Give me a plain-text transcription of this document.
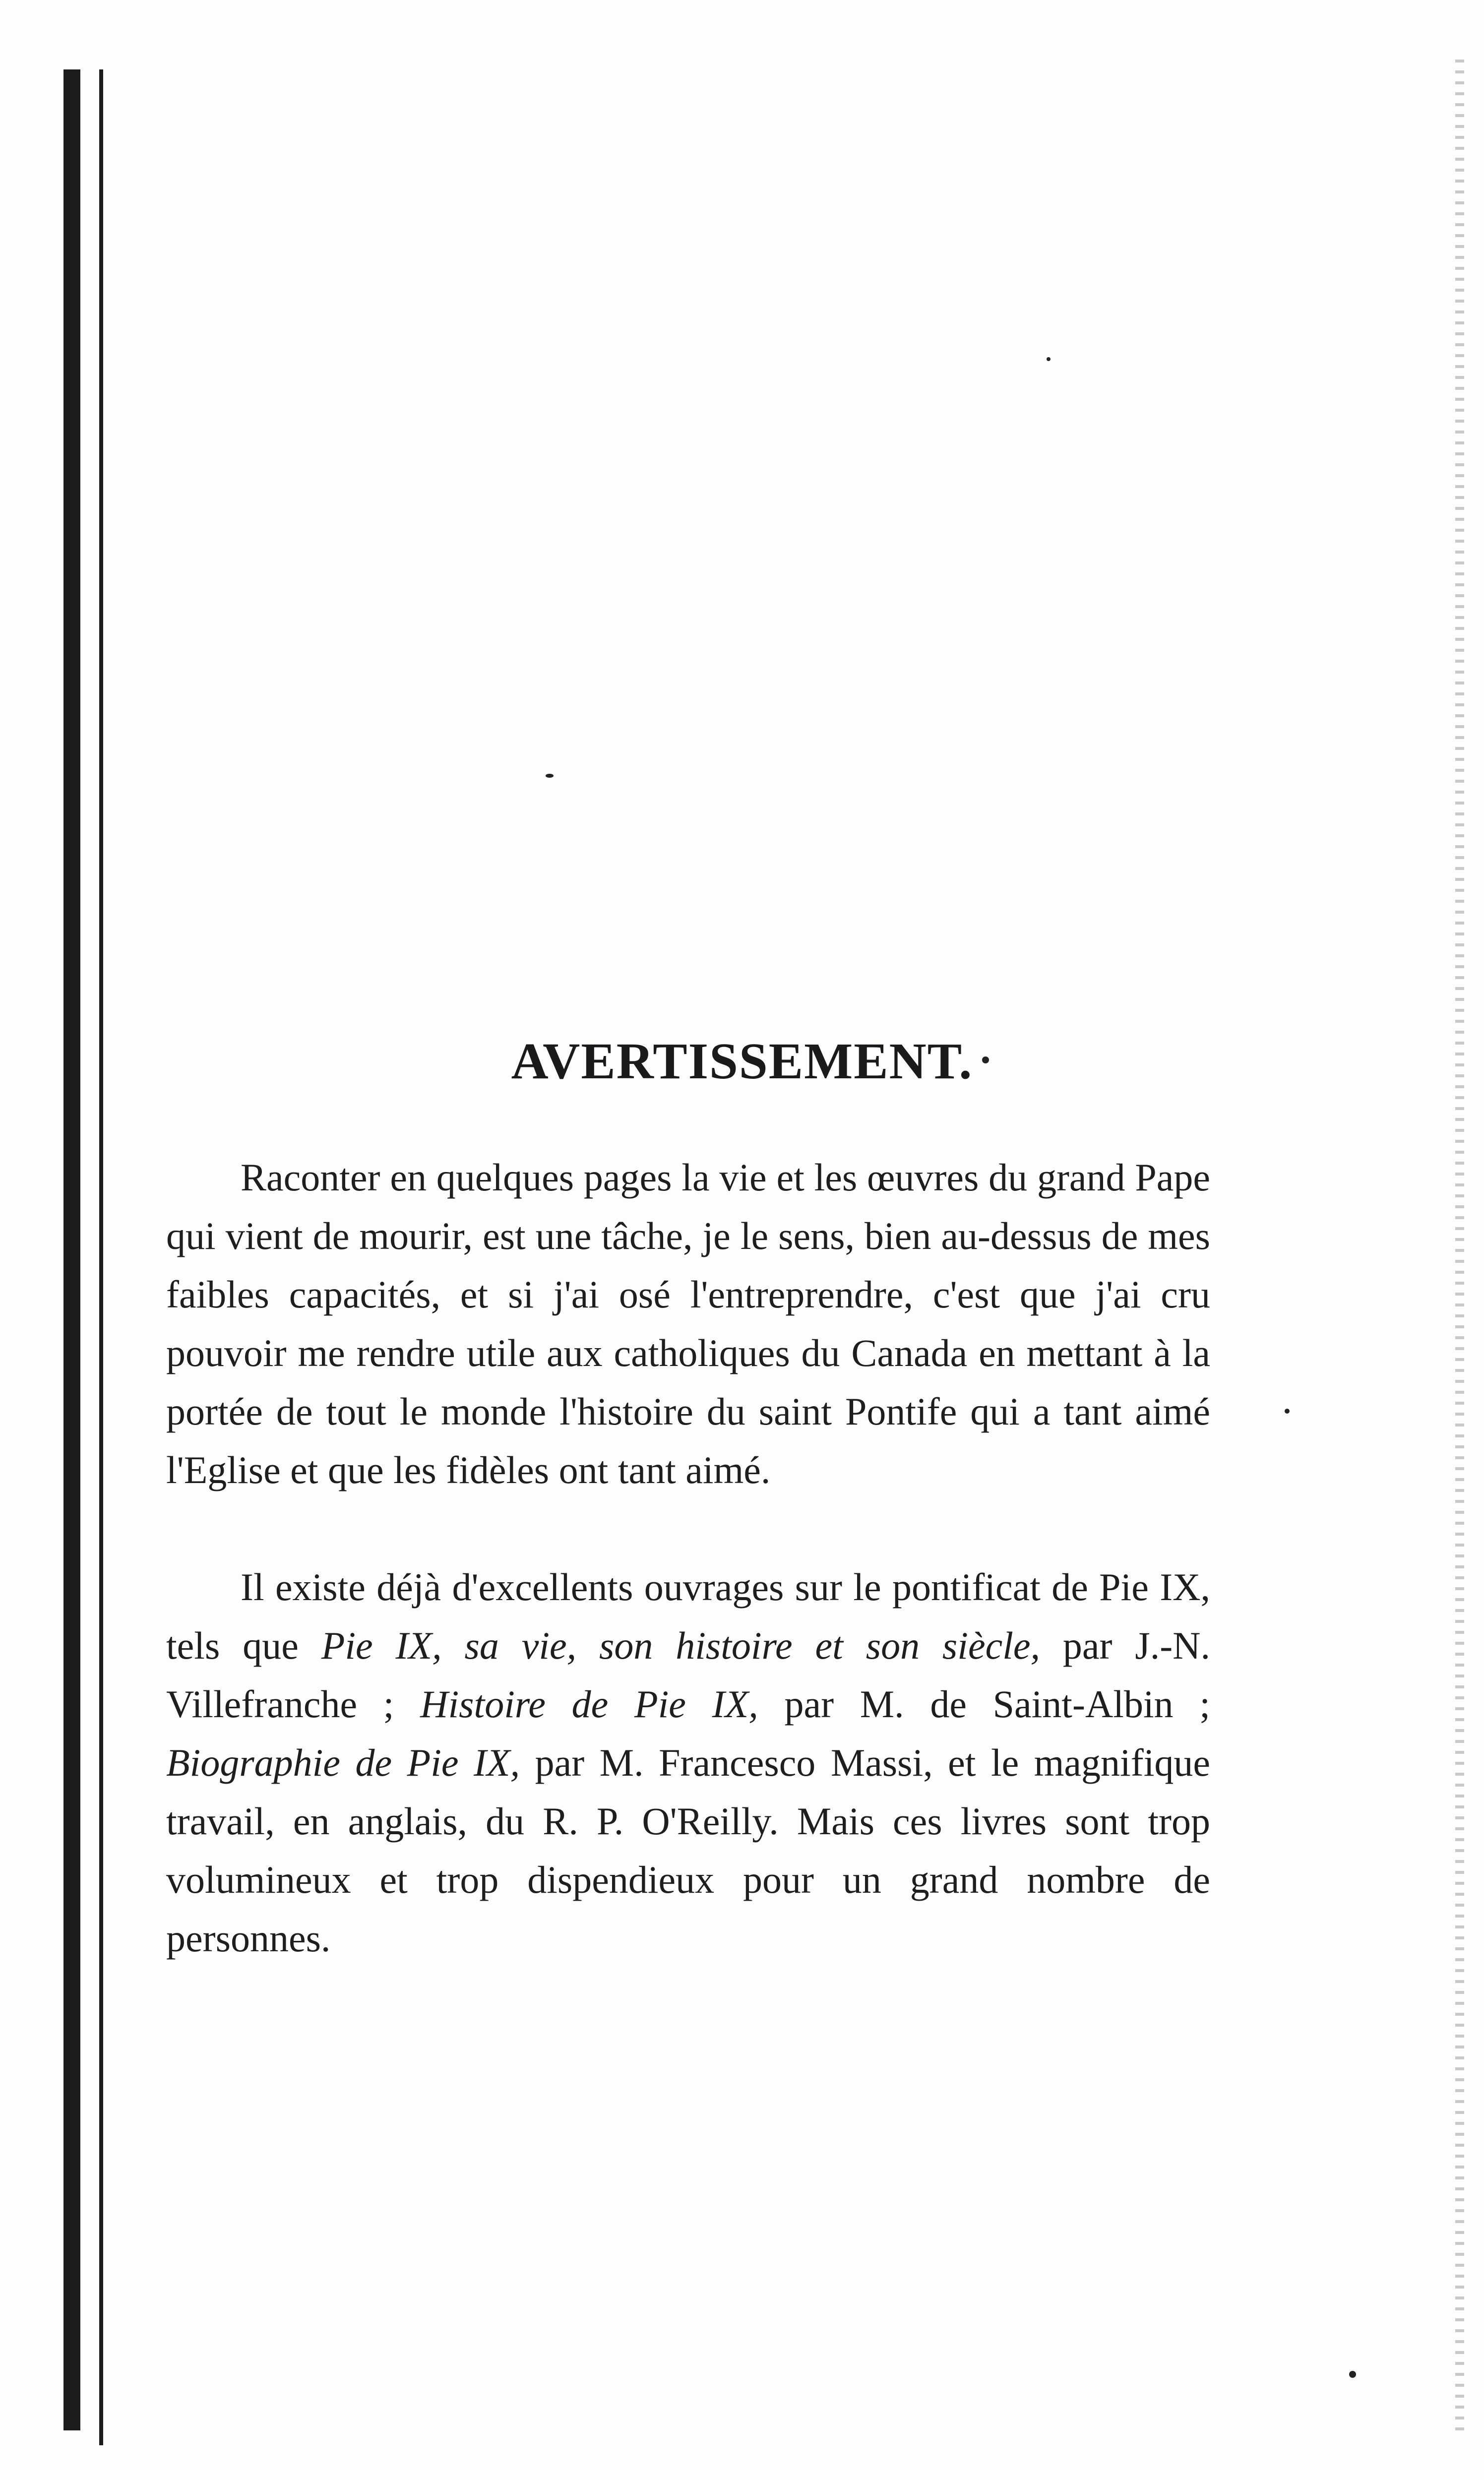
AVERTISSEMENT.

Raconter en quelques pages la vie et les œuvres du grand Pape qui vient de mourir, est une tâche, je le sens, bien au-dessus de mes faibles capacités, et si j'ai osé l'entreprendre, c'est que j'ai cru pouvoir me rendre utile aux catholiques du Canada en mettant à la portée de tout le monde l'histoire du saint Pontife qui a tant aimé l'Eglise et que les fidèles ont tant aimé.

Il existe déjà d'excellents ouvrages sur le pontificat de Pie IX, tels que Pie IX, sa vie, son histoire et son siècle, par J.-N. Villefranche ; Histoire de Pie IX, par M. de Saint-Albin ; Biographie de Pie IX, par M. Francesco Massi, et le magnifique travail, en anglais, du R. P. O'Reilly. Mais ces livres sont trop volumineux et trop dispendieux pour un grand nombre de personnes.
